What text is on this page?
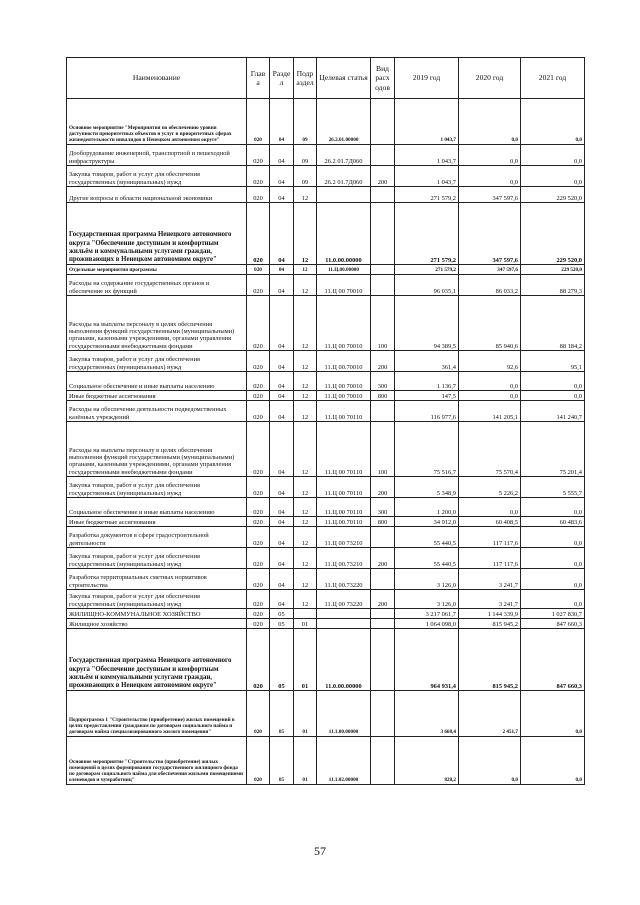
Наименование	Глав а	Разде л	Подр аздел	Целевая статья	Вид расх одов	2019 год	2020 год	2021 год
Основное мероприятие "Мероприятия по обеспечению уровня доступности приоритетных объектов и услуг в приоритетных сферах жизнедеятельности инвалидов в Ненецком автономном округе"	020	04	09	26.2.01.00000		1 043,7	0,0	0,0
Дооборудование инженерной, транспортной и пешеходной инфраструктуры	020	04	09	26.2 01.7Д060		1 043,7	0,0	0,0
Закупка товаров, работ и услуг для обеспечения государственных (муниципальных) нужд	020	04	09	26.2 01.7Д060	200	1 043,7	0,0	0,0
Другие вопросы в области национальной экономики	020	04	12			271 579,2	347 597,6	229 520,0
Государственная программа Ненецкого автономного округа "Обеспечение доступным и комфортным жильём и коммунальными услугами граждан, проживающих в Ненецком автономном округе"	020	04	12	11.0.00.00000		271 579,2	347 597,6	229 520,0
Отдельные мероприятия программы	020	04	12	11.Ц.00.00000		271 579,2	347 597,6	229 520,0
Расходы на содержание государственных органов и обеспечение их функций	020	04	12	11.Ц 00 70010		96 035,1	86 033,2	88 279,3
Расходы на выплаты персоналу в целях обеспечения выполнения функций государственными (муниципальными) органами, казенными учреждениями, органами управления государственными внебюджетными фондами	020	04	12	11.Ц 00 70010	100	94 389,5	85 940,6	88 184,2
Закупка товаров, работ и услуг для обеспечения государственных (муниципальных) нужд	020	04	12	11.Ц 00.70010	200	361,4	92,6	95,1
Социальное обеспечение и иные выплаты населению	020	04	12	11.Ц 00 70010	300	1 136,7	0,0	0,0
Иные бюджетные ассигнования	020	04	12	11.Ц 00 70010	800	147,5	0,0	0,0
Расходы на обеспечение деятельности подведомственных казённых учреждений	020	04	12	11.Ц 00 70110		116 977,6	141 205,1	141 240,7
Расходы на выплаты персоналу в целях обеспечения выполнения функций государственными (муниципальными) органами, казенными учреждениями, органами управления государственными внебюджетными фондами	020	04	12	11.Ц 00 70110	100	75 516,7	75 570,4	75 201,4
Закупка товаров, работ и услуг для обеспечения государственных (муниципальных) нужд	020	04	12	11.Ц 00 70110	200	5 348,9	5 226,2	5 555,7
Социальное обеспечение и иные выплаты населению	020	04	12	11.Ц.00 70110	300	1 200,0	0,0	0,0
Иные бюджетные ассигнования	020	04	12	11.Ц.00.70110	800	34 912,0	60 408,5	60 483,6
Разработка документов в сфере градостроительной деятельности	020	04	12	11.Ц 00 73210		55 440,5	117 117,6	0,0
Закупка товаров, работ и услуг для обеспечения государственных (муниципальных) нужд	020	04	12	11.Ц 00.73210	200	55 440,5	117 117,6	0,0
Разработка территориальных сметных нормативов строительства	020	04	12	11.Ц 00.73220		3 126,0	3 241,7	0,0
Закупка товаров, работ и услуг для обеспечения государственных (муниципальных) нужд	020	04	12	11.Ц 00 73220	200	3 126,0	3 241,7	0,0
ЖИЛИЩНО-КОММУНАЛЬНОЕ ХОЗЯЙСТВО	020	05				3 217 061,7	1 144 339,9	1 027 830,7
Жилищное хозяйство	020	05	01			1 064 098,0	815 945,2	847 660,3
Государственная программа Ненецкого автономного округа "Обеспечение доступным и комфортным жильём и коммунальными услугами граждан, проживающих в Ненецком автономном округе"	020	05	01	11.0.00.00000		964 931,4	815 945,2	847 660,3
Подпрограмма 1 "Строительство (приобретение) жилых помещений в целях предоставления гражданам по договорам социального найма и договорам найма специализированного жилого помещения"	020	05	01	11.1.00.00000		3 668,4	2 451,7	0,0
Основное мероприятие "Строительство (приобретение) жилых помещений в целях формирования государственного жилищного фонда по договорам социального найма для обеспечения жилыми помещениями оленеводов и чумработниц"	020	05	01	11.1.02.00000		828,2	0,0	0,0
57
